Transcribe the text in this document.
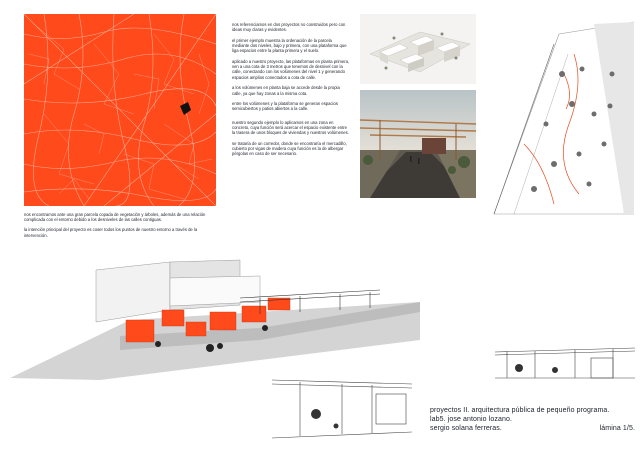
nos encontramos ante una gran parcela copada de vegetación y árboles, además de una relación complicada con el entorno debido a los desniveles de las calles contiguas.
la intención principal del proyecto es coser todos los puntos de nuestro entorno a través de la intervención.

nos referenciamos en dos proyectos no construidos pero con ideas muy claras y evidentes.

el primer ejemplo muestra la ordenación de la parcela mediante dos niveles, bajo y primera, con una plataforma que liga espacios entre la planta primera y el suelo.

aplicado a nuestro proyecto, las plataformas en planta primera, ven a una cota de 3 metros que tenemos de desnivel con la calle, conectando con los volúmenes del nivel 1 y generando espacios amplios conectados a cota de calle.

a los volúmenes en planta baja se accede desde la propia calle, ya que hay zonas a la misma cota.

entre los volúmenes y la plataforma se generan espacios semicubiertos y patios abiertos a la calle.

nuestro segundo ejemplo lo aplicamos en una zona en concreto, cuya función será acercar el espacio existente entre la trasera de unos bloques de viviendas y nuestros volúmenes.

se trataría de un corredor, donde se encontraría el mercadillo, cubierto por vigas de madera cuya función es la de albergar pérgolas en caso de ser necesario.

proyectos II. arquitectura pública de pequeño programa.
lab5. jose antonio lozano.
sergio solana ferreras.	lámina 1/5.
